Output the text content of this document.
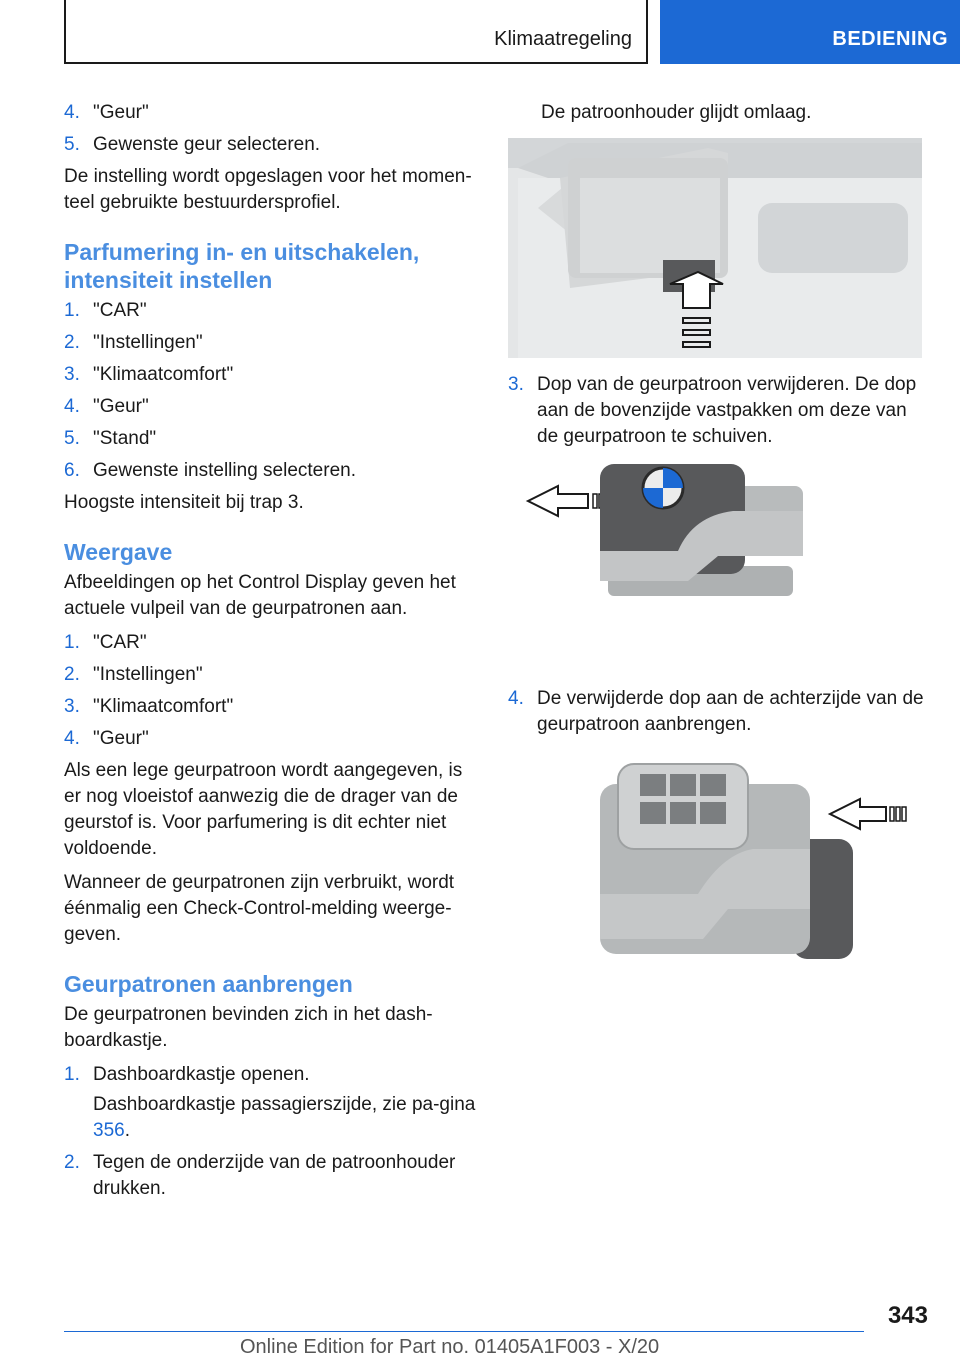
Klimaatregeling	BEDIENING
4. "Geur"
5. Gewenste geur selecteren.

De instelling wordt opgeslagen voor het momen-teel gebruikte bestuurdersprofiel.

Parfumering in- en uitschakelen, intensiteit instellen
1. "CAR"
2. "Instellingen"
3. "Klimaatcomfort"
4. "Geur"
5. "Stand"
6. Gewenste instelling selecteren.

Hoogste intensiteit bij trap 3.

Weergave

Afbeeldingen op het Control Display geven het actuele vulpeil van de geurpatronen aan.

1. "CAR"
2. "Instellingen"
3. "Klimaatcomfort"
4. "Geur"

Als een lege geurpatroon wordt aangegeven, is er nog vloeistof aanwezig die de drager van de geurstof is. Voor parfumering is dit echter niet voldoende.

Wanneer de geurpatronen zijn verbruikt, wordt éénmalig een Check-Control-melding weerge-geven.

Geurpatronen aanbrengen

De geurpatronen bevinden zich in het dash-boardkastje.

1. Dashboardkastje openen.
Dashboardkastje passagierszijde, zie pa-gina 356.
2. Tegen de onderzijde van de patroonhouder drukken.
De patroonhouder glijdt omlaag.
3. Dop van de geurpatroon verwijderen. De dop aan de bovenzijde vastpakken om deze van de geurpatroon te schuiven.
4. De verwijderde dop aan de achterzijde van de geurpatroon aanbrengen.
343
Online Edition for Part no. 01405A1F003 - X/20
